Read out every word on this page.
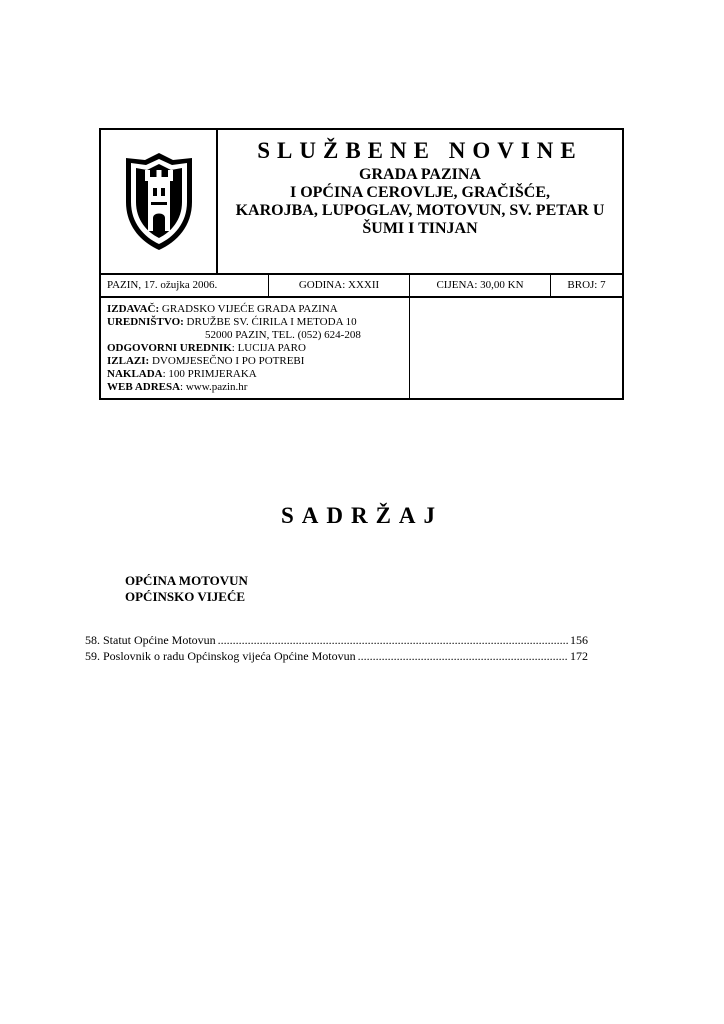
SLUŽBENE NOVINE
GRADA PAZINA
I OPĆINA CEROVLJE, GRAČIŠĆE,
KAROJBA, LUPOGLAV, MOTOVUN, SV. PETAR U
ŠUMI I TINJAN
PAZIN, 17. ožujka 2006.	GODINA: XXXII	CIJENA: 30,00 KN	BROJ: 7
IZDAVAČ: GRADSKO VIJEĆE GRADA PAZINA
UREDNIŠTVO: DRUŽBE SV. ĆIRILA I METODA 10
52000 PAZIN, TEL. (052) 624-208
ODGOVORNI UREDNIK: LUCIJA PARO
IZLAZI: DVOMJESEČNO I PO POTREBI
NAKLADA: 100 PRIMJERAKA
WEB ADRESA: www.pazin.hr
SADRŽAJ
OPĆINA MOTOVUN
OPĆINSKO VIJEĆE
58. Statut Općine Motovun .....	156
59. Poslovnik o radu Općinskog vijeća Općine Motovun .....	172
